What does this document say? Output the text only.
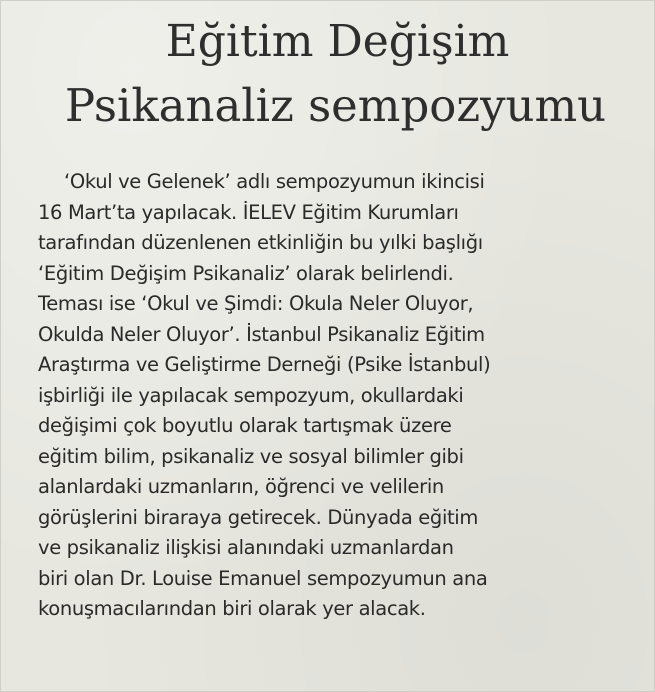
Eğitim Değişim
Psikanaliz sempozyumu

‘Okul ve Gelenek’ adlı sempozyumun ikincisi
16 Mart’ta yapılacak. İELEV Eğitim Kurumları
tarafından düzenlenen etkinliğin bu yılki başlığı
‘Eğitim Değişim Psikanaliz’ olarak belirlendi.
Teması ise ‘Okul ve Şimdi: Okula Neler Oluyor,
Okulda Neler Oluyor’. İstanbul Psikanaliz Eğitim
Araştırma ve Geliştirme Derneği (Psike İstanbul)
işbirliği ile yapılacak sempozyum, okullardaki
değişimi çok boyutlu olarak tartışmak üzere
eğitim bilim, psikanaliz ve sosyal bilimler gibi
alanlardaki uzmanların, öğrenci ve velilerin
görüşlerini biraraya getirecek. Dünyada eğitim
ve psikanaliz ilişkisi alanındaki uzmanlardan
biri olan Dr. Louise Emanuel sempozyumun ana
konuşmacılarından biri olarak yer alacak.
